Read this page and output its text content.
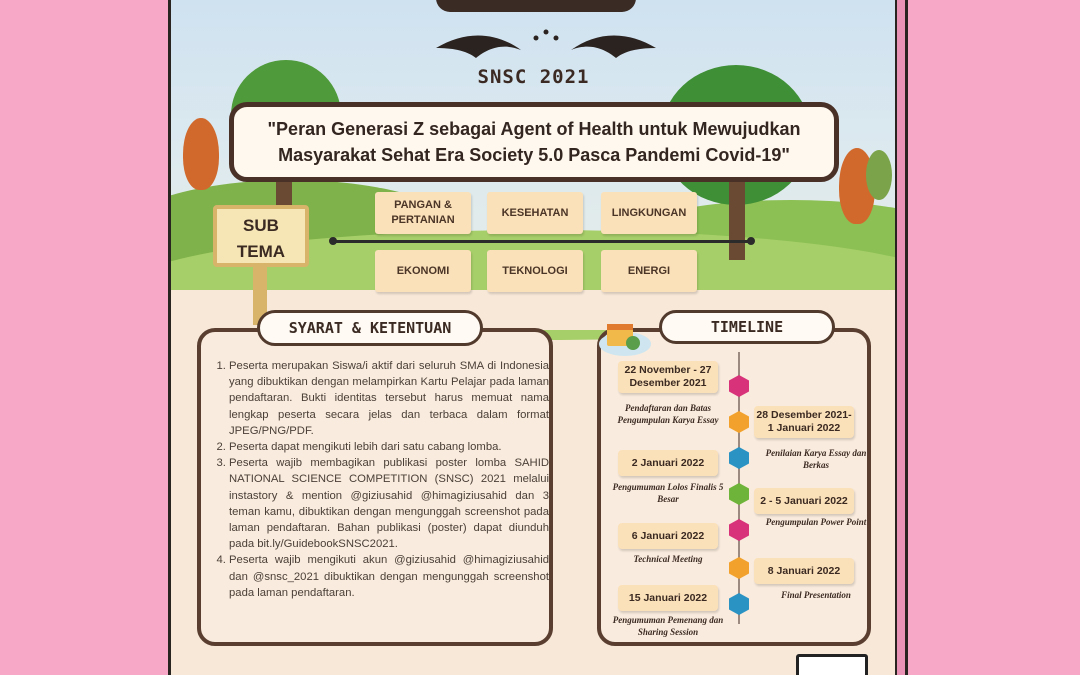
SNSC 2021
"Peran Generasi Z sebagai Agent of Health untuk Mewujudkan
Masyarakat Sehat Era Society 5.0 Pasca Pandemi Covid-19"
SUB
TEMA
PANGAN & PERTANIAN
KESEHATAN	LINGKUNGAN
EKONOMI	TEKNOLOGI	ENERGI
SYARAT & KETENTUAN
1. Peserta merupakan Siswa/i aktif dari seluruh SMA di Indonesia yang dibuktikan dengan melampirkan Kartu Pelajar pada laman pendaftaran. Bukti identitas tersebut harus memuat nama lengkap peserta secara jelas dan terbaca dalam format JPEG/PNG/PDF.
2. Peserta dapat mengikuti lebih dari satu cabang lomba.
3. Peserta wajib membagikan publikasi poster lomba SAHID NATIONAL SCIENCE COMPETITION (SNSC) 2021 melalui instastory & mention @giziusahid @himagiziusahid dan 3 teman kamu, dibuktikan dengan mengunggah screenshot pada laman pendaftaran. Bahan publikasi (poster) dapat diunduh pada bit.ly/GuidebookSNSC2021.
4. Peserta wajib mengikuti akun @giziusahid @himagiziusahid dan @snsc_2021 dibuktikan dengan mengunggah screenshot pada laman pendaftaran.
TIMELINE
22 November - 27 Desember 2021
Pendaftaran dan Batas Pengumpulan Karya Essay	28 Desember 2021- 1 Januari 2022
Penilaian Karya Essay dan Berkas
2 Januari 2022
Pengumuman Lolos Finalis 5 Besar	2 - 5 Januari 2022
Pengumpulan Power Point
6 Januari 2022
Technical Meeting
8 Januari 2022
Final Presentation
15 Januari 2022
Pengumuman Pemenang dan Sharing Session
